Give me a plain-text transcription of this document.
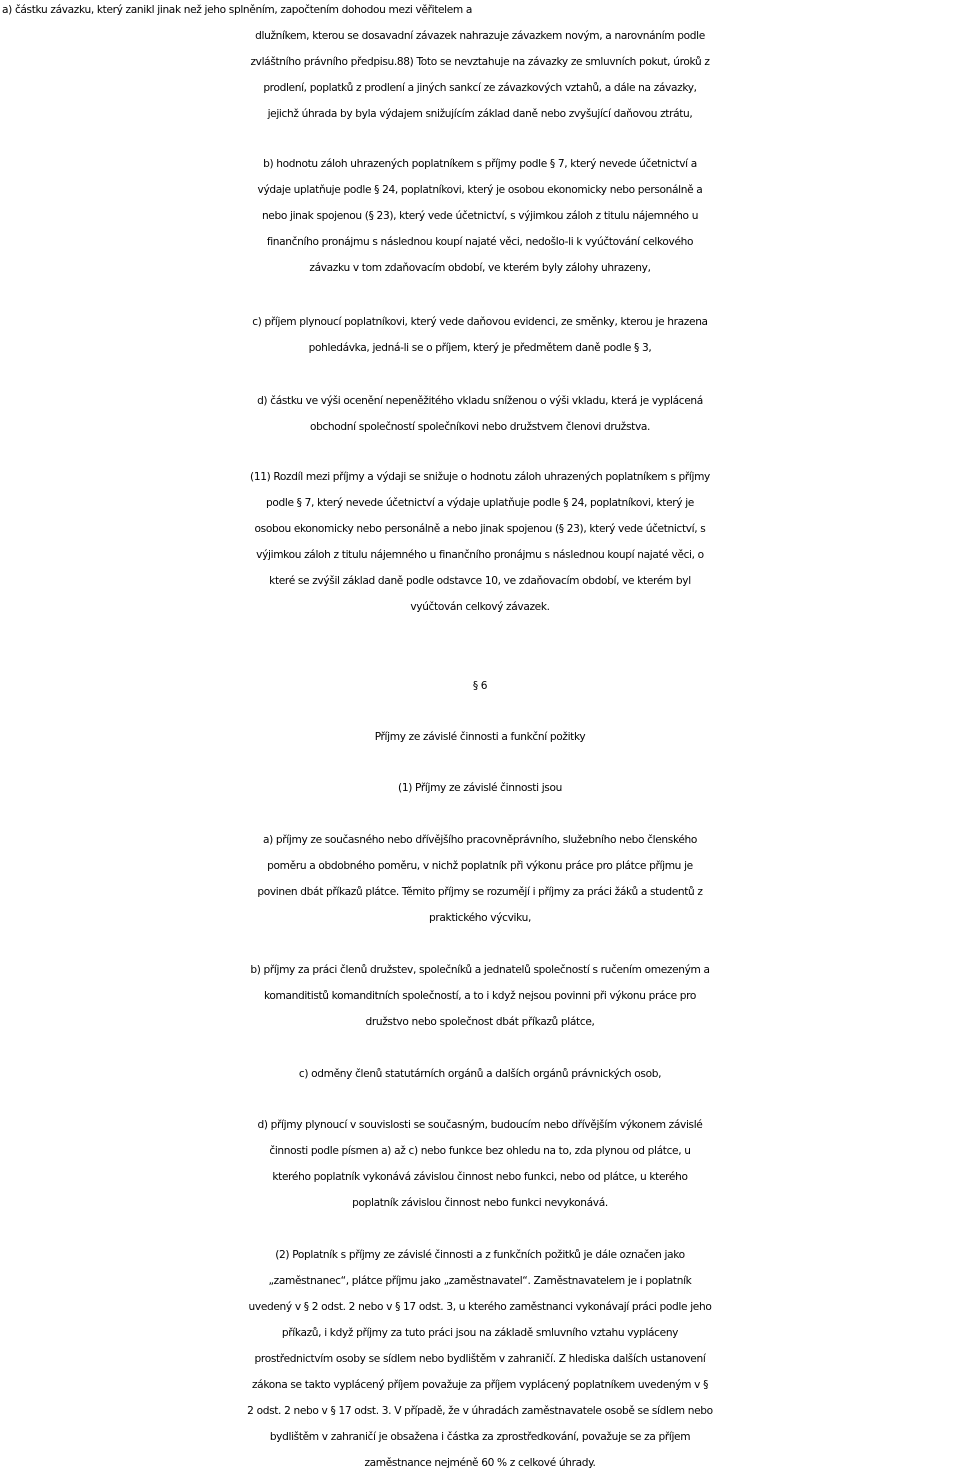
a) částku závazku, který zanikl jinak než jeho splněním, započtením dohodou mezi věřitelem a
dlužníkem, kterou se dosavadní závazek nahrazuje závazkem novým, a narovnáním podle
zvláštního právního předpisu.88) Toto se nevztahuje na závazky ze smluvních pokut, úroků z
prodlení, poplatků z prodlení a jiných sankcí ze závazkových vztahů, a dále na závazky,
jejichž úhrada by byla výdajem snižujícím základ daně nebo zvyšující daňovou ztrátu,
b) hodnotu záloh uhrazených poplatníkem s příjmy podle § 7, který nevede účetnictví a
výdaje uplatňuje podle § 24, poplatníkovi, který je osobou ekonomicky nebo personálně a
nebo jinak spojenou (§ 23), který vede účetnictví, s výjimkou záloh z titulu nájemného u
finančního pronájmu s následnou koupí najaté věci, nedošlo-li k vyúčtování celkového
závazku v tom zdaňovacím období, ve kterém byly zálohy uhrazeny,
c) příjem plynoucí poplatníkovi, který vede daňovou evidenci, ze směnky, kterou je hrazena
pohledávka, jedná-li se o příjem, který je předmětem daně podle § 3,
d) částku ve výši ocenění nepeněžitého vkladu sníženou o výši vkladu, která je vyplácená
obchodní společností společníkovi nebo družstvem členovi družstva.
(11) Rozdíl mezi příjmy a výdaji se snižuje o hodnotu záloh uhrazených poplatníkem s příjmy
podle § 7, který nevede účetnictví a výdaje uplatňuje podle § 24, poplatníkovi, který je
osobou ekonomicky nebo personálně a nebo jinak spojenou (§ 23), který vede účetnictví, s
výjimkou záloh z titulu nájemného u finančního pronájmu s následnou koupí najaté věci, o
které se zvýšil základ daně podle odstavce 10, ve zdaňovacím období, ve kterém byl
vyúčtován celkový závazek.
§ 6
Příjmy ze závislé činnosti a funkční požitky
(1) Příjmy ze závislé činnosti jsou
a) příjmy ze současného nebo dřívějšího pracovněprávního, služebního nebo členského
poměru a obdobného poměru, v nichž poplatník při výkonu práce pro plátce příjmu je
povinen dbát příkazů plátce. Těmito příjmy se rozumějí i příjmy za práci žáků a studentů z
praktického výcviku,
b) příjmy za práci členů družstev, společníků a jednatelů společností s ručením omezeným a
komanditistů komanditních společností, a to i když nejsou povinni při výkonu práce pro
družstvo nebo společnost dbát příkazů plátce,
c) odměny členů statutárních orgánů a dalších orgánů právnických osob,
d) příjmy plynoucí v souvislosti se současným, budoucím nebo dřívějším výkonem závislé
činnosti podle písmen a) až c) nebo funkce bez ohledu na to, zda plynou od plátce, u
kterého poplatník vykonává závislou činnost nebo funkci, nebo od plátce, u kterého
poplatník závislou činnost nebo funkci nevykonává.
(2) Poplatník s příjmy ze závislé činnosti a z funkčních požitků je dále označen jako
„zaměstnanec“, plátce příjmu jako „zaměstnavatel“. Zaměstnavatelem je i poplatník
uvedený v § 2 odst. 2 nebo v § 17 odst. 3, u kterého zaměstnanci vykonávají práci podle jeho
příkazů, i když příjmy za tuto práci jsou na základě smluvního vztahu vypláceny
prostřednictvím osoby se sídlem nebo bydlištěm v zahraničí. Z hlediska dalších ustanovení
zákona se takto vyplácený příjem považuje za příjem vyplácený poplatníkem uvedeným v §
2 odst. 2 nebo v § 17 odst. 3. V případě, že v úhradách zaměstnavatele osobě se sídlem nebo
bydlištěm v zahraničí je obsažena i částka za zprostředkování, považuje se za příjem
zaměstnance nejméně 60 % z celkové úhrady.
